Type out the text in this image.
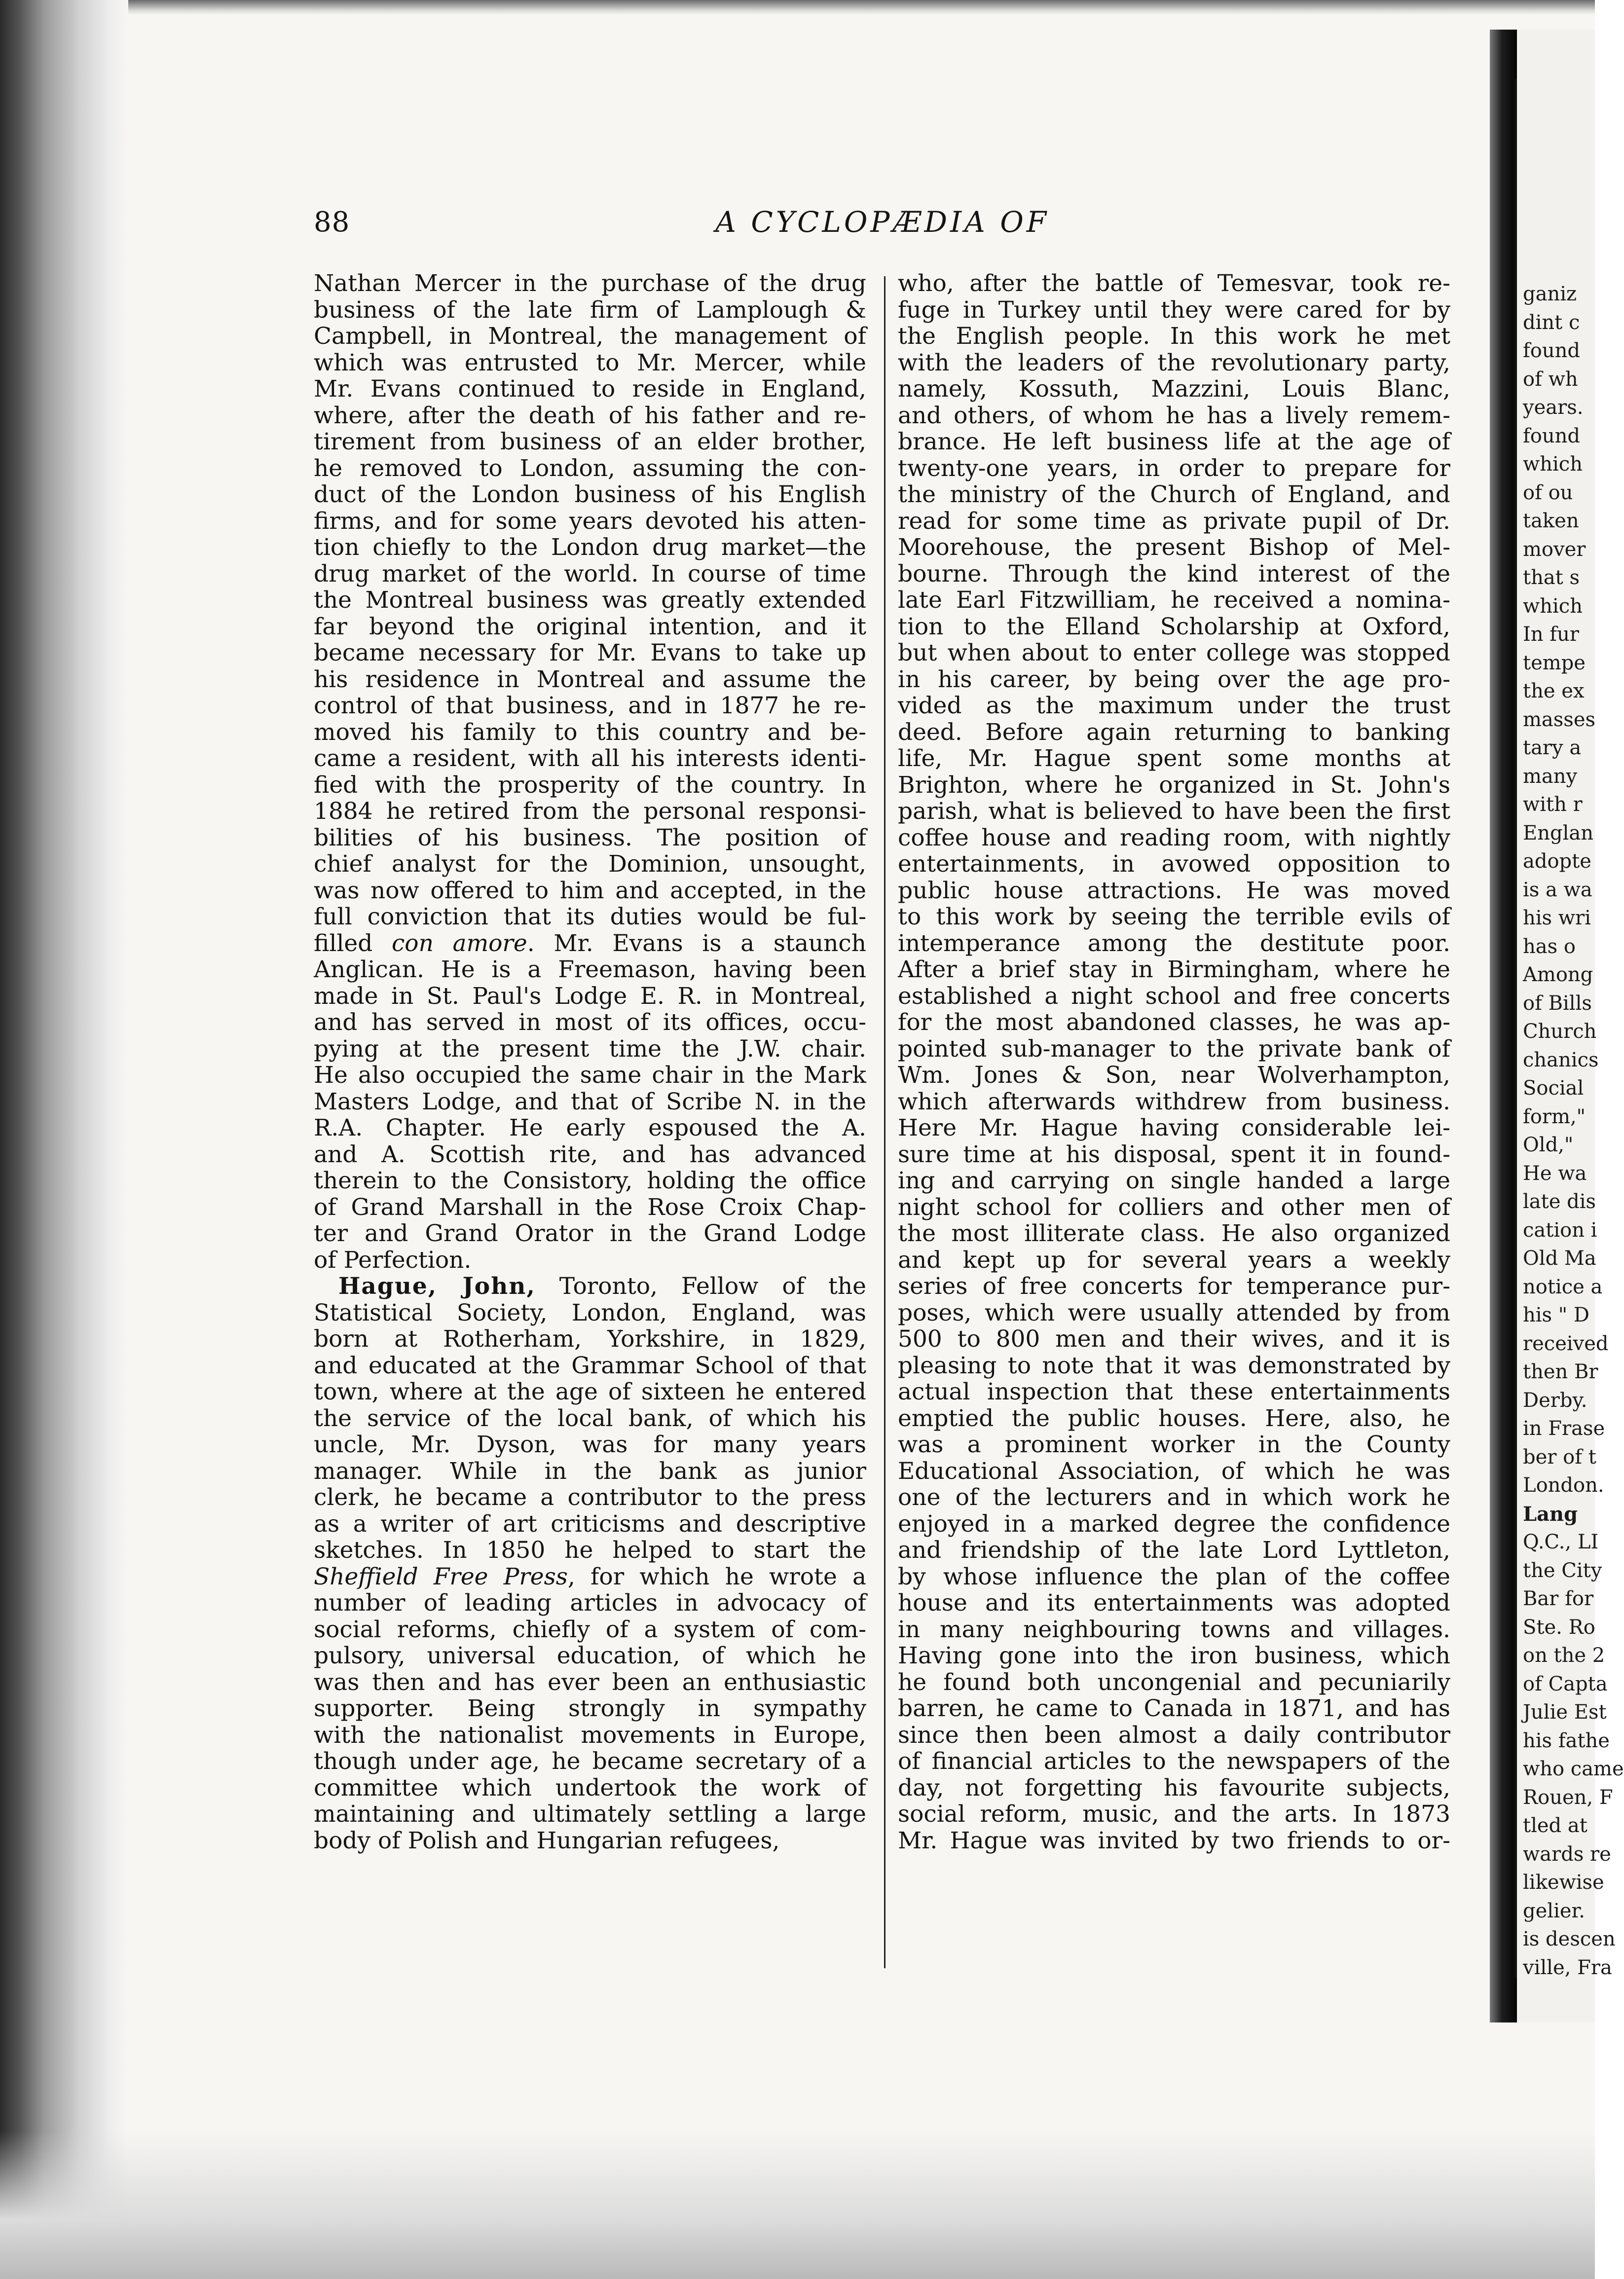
ganiz
dint c
found
of wh
years.
found
which
of ou
taken
mover
that s
which
In fur
tempe
the ex
masses
tary a
many
with r
Englan
adopte
is a wa
his wri
has o
Among
of Bills
Church
chanics
Social
form,"
Old,"
He wa
late dis
cation i
Old Ma
notice a
his " D
received
then Br
Derby.
in Frase
ber of t
London.
Lang
Q.C., LI
the City
Bar for
Ste. Ro
on the 2
of Capta
Julie Est
his fathe
who came
Rouen, F
tled at
wards re
likewise
gelier.
is descen
ville, Fra
88	A CYCLOPÆDIA OF
Nathan Mercer in the purchase of the drug
business of the late firm of Lamplough &
Campbell, in Montreal, the management of
which was entrusted to Mr. Mercer, while
Mr. Evans continued to reside in England,
where, after the death of his father and re-
tirement from business of an elder brother,
he removed to London, assuming the con-
duct of the London business of his English
firms, and for some years devoted his atten-
tion chiefly to the London drug market—the
drug market of the world. In course of time
the Montreal business was greatly extended
far beyond the original intention, and it
became necessary for Mr. Evans to take up
his residence in Montreal and assume the
control of that business, and in 1877 he re-
moved his family to this country and be-
came a resident, with all his interests identi-
fied with the prosperity of the country. In
1884 he retired from the personal responsi-
bilities of his business. The position of
chief analyst for the Dominion, unsought,
was now offered to him and accepted, in the
full conviction that its duties would be ful-
filled con amore. Mr. Evans is a staunch
Anglican. He is a Freemason, having been
made in St. Paul's Lodge E. R. in Montreal,
and has served in most of its offices, occu-
pying at the present time the J.W. chair.
He also occupied the same chair in the Mark
Masters Lodge, and that of Scribe N. in the
R.A. Chapter. He early espoused the A.
and A. Scottish rite, and has advanced
therein to the Consistory, holding the office
of Grand Marshall in the Rose Croix Chap-
ter and Grand Orator in the Grand Lodge
of Perfection.
Hague, John, Toronto, Fellow of the
Statistical Society, London, England, was
born at Rotherham, Yorkshire, in 1829,
and educated at the Grammar School of that
town, where at the age of sixteen he entered
the service of the local bank, of which his
uncle, Mr. Dyson, was for many years
manager. While in the bank as junior
clerk, he became a contributor to the press
as a writer of art criticisms and descriptive
sketches. In 1850 he helped to start the
Sheffield Free Press, for which he wrote a
number of leading articles in advocacy of
social reforms, chiefly of a system of com-
pulsory, universal education, of which he
was then and has ever been an enthusiastic
supporter. Being strongly in sympathy
with the nationalist movements in Europe,
though under age, he became secretary of a
committee which undertook the work of
maintaining and ultimately settling a large
body of Polish and Hungarian refugees,
who, after the battle of Temesvar, took re-
fuge in Turkey until they were cared for by
the English people. In this work he met
with the leaders of the revolutionary party,
namely, Kossuth, Mazzini, Louis Blanc,
and others, of whom he has a lively remem-
brance. He left business life at the age of
twenty-one years, in order to prepare for
the ministry of the Church of England, and
read for some time as private pupil of Dr.
Moorehouse, the present Bishop of Mel-
bourne. Through the kind interest of the
late Earl Fitzwilliam, he received a nomina-
tion to the Elland Scholarship at Oxford,
but when about to enter college was stopped
in his career, by being over the age pro-
vided as the maximum under the trust
deed. Before again returning to banking
life, Mr. Hague spent some months at
Brighton, where he organized in St. John's
parish, what is believed to have been the first
coffee house and reading room, with nightly
entertainments, in avowed opposition to
public house attractions. He was moved
to this work by seeing the terrible evils of
intemperance among the destitute poor.
After a brief stay in Birmingham, where he
established a night school and free concerts
for the most abandoned classes, he was ap-
pointed sub-manager to the private bank of
Wm. Jones & Son, near Wolverhampton,
which afterwards withdrew from business.
Here Mr. Hague having considerable lei-
sure time at his disposal, spent it in found-
ing and carrying on single handed a large
night school for colliers and other men of
the most illiterate class. He also organized
and kept up for several years a weekly
series of free concerts for temperance pur-
poses, which were usually attended by from
500 to 800 men and their wives, and it is
pleasing to note that it was demonstrated by
actual inspection that these entertainments
emptied the public houses. Here, also, he
was a prominent worker in the County
Educational Association, of which he was
one of the lecturers and in which work he
enjoyed in a marked degree the confidence
and friendship of the late Lord Lyttleton,
by whose influence the plan of the coffee
house and its entertainments was adopted
in many neighbouring towns and villages.
Having gone into the iron business, which
he found both uncongenial and pecuniarily
barren, he came to Canada in 1871, and has
since then been almost a daily contributor
of financial articles to the newspapers of the
day, not forgetting his favourite subjects,
social reform, music, and the arts. In 1873
Mr. Hague was invited by two friends to or-
